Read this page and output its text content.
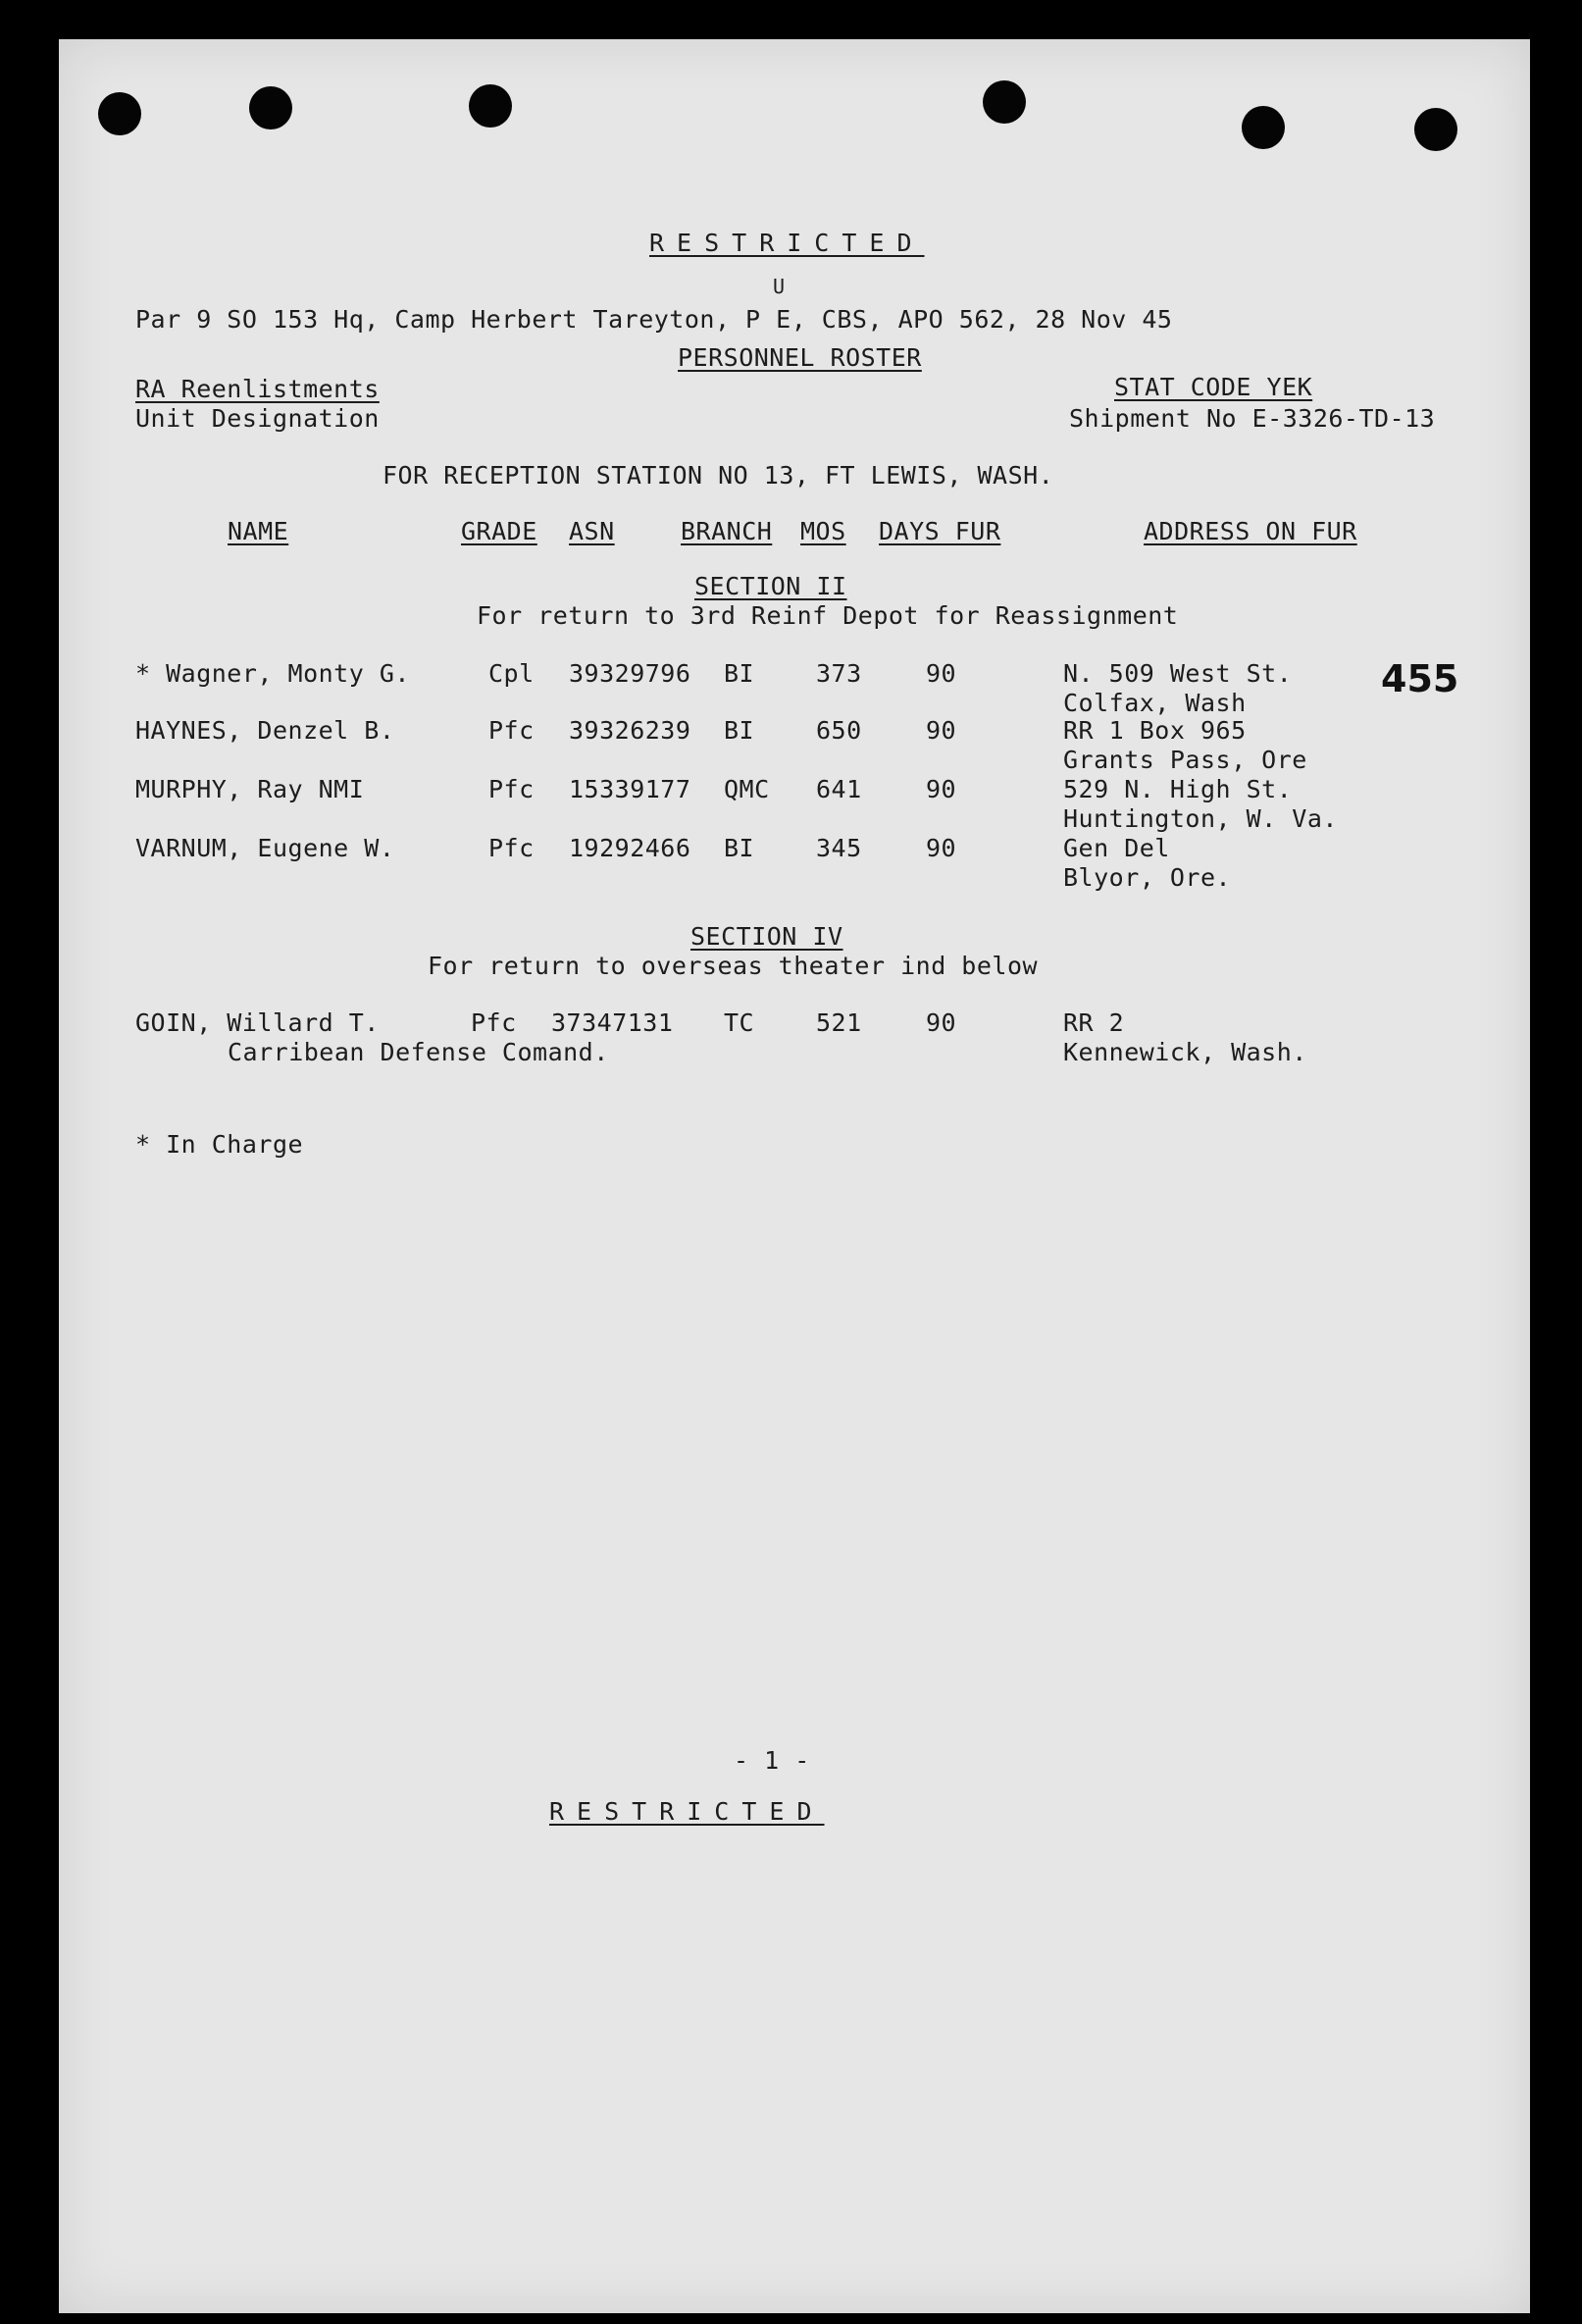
RESTRICTED
U
Par 9 SO 153 Hq, Camp Herbert Tareyton, P E, CBS, APO 562, 28 Nov 45
PERSONNEL ROSTER
RA Reenlistments
Unit Designation
STAT CODE YEK
Shipment No E-3326-TD-13
FOR RECEPTION STATION NO 13, FT LEWIS, WASH.
NAME	GRADE ASN	BRANCH MOS DAYS FUR	ADDRESS ON FUR
SECTION II
For return to 3rd Reinf Depot for Reassignment
* Wagner, Monty G.	Cpl 39329796 BI	373	90	N. 509 West St.
Colfax, Wash
HAYNES, Denzel B.	Pfc 39326239 BI	650	90	RR 1 Box 965
Grants Pass, Ore
MURPHY, Ray NMI	Pfc 15339177 QMC 641	90	529 N. High St.
Huntington, W. Va.
VARNUM, Eugene W.	Pfc 19292466 BI	345	90	Gen Del
Blyor, Ore.
SECTION IV
For return to overseas theater ind below
GOIN, Willard T.	Pfc 37347131 TC	521	90	RR 2
Carribean Defense Comand.	Kennewick, Wash.
* In Charge
455
- 1 -
RESTRICTED
